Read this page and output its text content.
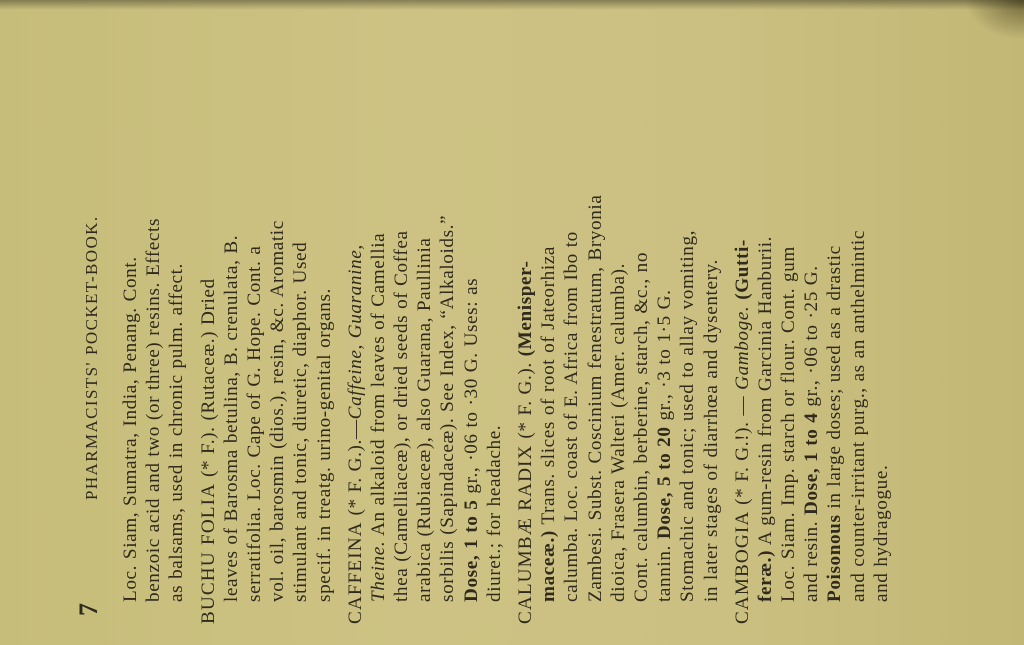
7
PHARMACISTS' POCKET-BOOK. Loc. Siam, Sumatra, India, Penang. Cont. benzoic acid and two (or three) resins. Effects as balsams, used in chronic pulm. affect. BUCHU FOLIA (* F.). (Rutaceæ.) Dried leaves of Barosma betulina, B. crenulata, B. serratifolia. Loc. Cape of G. Hope. Cont. a vol. oil, barosmin (dios.), resin, &c. Aromatic stimulant and tonic, diuretic, diaphor. Used specif. in treatg. urino-genital organs. CAFFEINA (* F. G.).—Caffeine, Guaranine,
Theine. An alkaloid from leaves of Camellia thea (Camelliaceæ), or dried seeds of Coffea arabica (Rubiaceæ), also Guarana, Paullinia sorbilis (Sapindaceæ). See Index, “Alkaloids.” Dose, 1 to 5 gr., ·06 to ·30 G. Uses: as
diuret.; for headache. CALUMBÆ RADIX (* F. G.). (Menisper-
maceæ.) Trans. slices of root of Jateorhiza calumba. Loc. coast of E. Africa from Ibo to Zambesi. Subst. Coscinium fenestratum, Bryonia dioica, Frasera Walteri (Amer. calumba). Cont. calumbin, berberine, starch, &c., no tannin. Dose, 5 to 20 gr., ·3 to 1·5 G. Stomachic and tonic; used to allay vomiting, in later stages of diarrhœa and dysentery. CAMBOGIA (* F. G.!). — Gamboge. (Gutti-
feræ.) A gum-resin from Garcinia Hanburii. Loc. Siam. Imp. starch or flour. Cont. gum and resin. Dose, 1 to 4 gr., ·06 to ·25 G.
Poisonous in large doses; used as a drastic and counter-irritant purg., as an anthelmintic and hydragogue.
